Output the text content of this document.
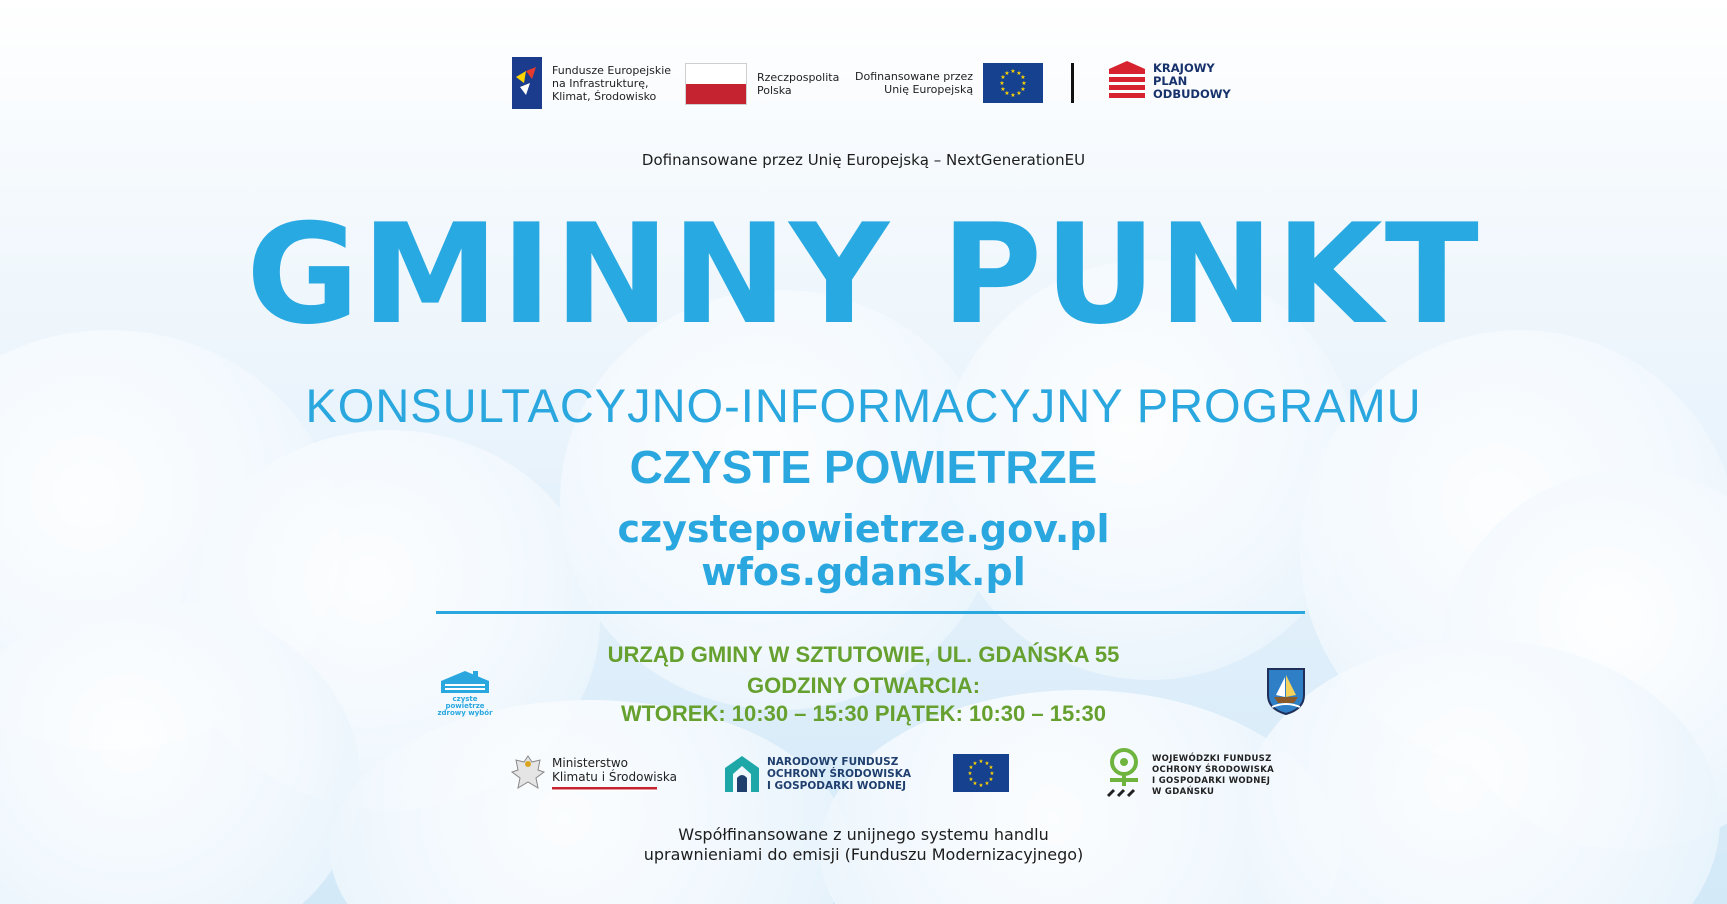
Fundusze Europejskie
na Infrastrukturę,
Klimat, Środowisko
Rzeczpospolita
Polska
Dofinansowane przez
Unię Europejską
★ ★
★
★
★
★
★
★
★
★
★
★	KRAJOWY
PLAN
ODBUDOWY
Dofinansowane przez Unię Europejską – NextGenerationEU
GMINNY PUNKT
KONSULTACYJNO-INFORMACYJNY PROGRAMU
CZYSTE POWIETRZE
czystepowietrze.gov.pl
wfos.gdansk.pl
czyste powietrze
zdrowy wybór
URZĄD GMINY W SZTUTOWIE, UL. GDAŃSKA 55
GODZINY OTWARCIA:
WTOREK: 10:30 – 15:30 PIĄTEK: 10:30 – 15:30
Ministerstwo
Klimatu i Środowiska
NARODOWY FUNDUSZ
OCHRONY ŚRODOWISKA
I GOSPODARKI WODNEJ
★ ★
★
★
★
★
★
★
★
★
★
★	WOJEWÓDZKI FUNDUSZ
OCHRONY ŚRODOWISKA
I GOSPODARKI WODNEJ
W GDAŃSKU
Współfinansowane z unijnego systemu handlu
uprawnieniami do emisji (Funduszu Modernizacyjnego)
